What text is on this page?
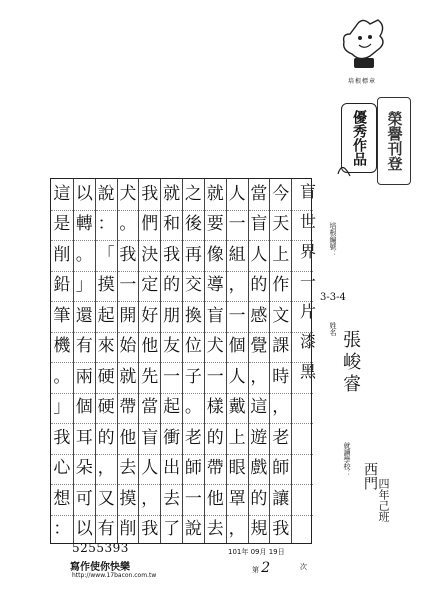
培根標章
優秀作品 榮譽刊登
培根編號：
3-3-4
姓名
就讀學校：
盲世界一片漆黑 張峻睿
西門
四年己班
這
是
削
鉛
筆
機
。
」
我
心
想
：
以
轉
。
」
還
有
兩
個
耳
朵
可
以
說
：
「
摸
起
來
硬
硬
的
，
又
有
犬
。
我
一
開
始
就
帶
他
去
摸
削
我
們
決
定
好
他
先
當
盲
人
，
我
就
和
我
的
朋
友
一
起
衝
出
去
了
之
後
再
交
換
位
子
。
老
師
一
說
就
要
像
導
盲
犬
一
樣
的
帶
他
去
人
一
組
，
一
個
人
戴
上
眼
罩
，
當
盲
人
的
感
覺
，
這
遊
戲
的
規
今
天
上
作
文
課
時
，
老
師
讓
我
5255393
寫作使你快樂
http://www.17bacon.com.tw
101年 09月 19日
第 2	次
